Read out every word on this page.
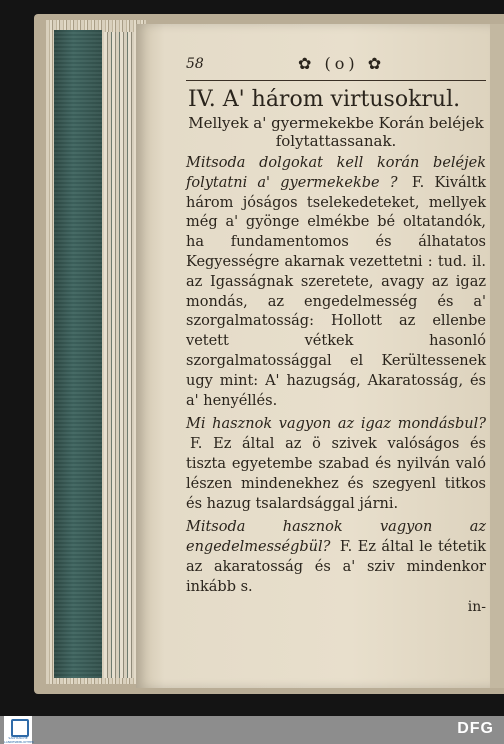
58	✿ (o) ✿
IV. A' három virtusokrul.
Mellyek a' gyermekekbe Korán beléjek folytattassanak.

Mitsoda dolgokat kell korán beléjek folytatni a' gyermekekbe ? F. Kiváltk három jóságos tselekedeteket, mellyek még a' gyönge elmékbe bé oltatandók, ha fundamentomos és álhatatos Kegyességre akarnak vezettetni : tud. il. az Igasságnak szeretete, avagy az igaz mondás, az engedelmesség és a' szorgalmatosság: Hollott az ellenbe vetett vétkek hasonló szorgalmatossággal el Kerültessenek ugy mint: A' hazugság, Akaratosság, és a' henyéllés.

Mi hasznok vagyon az igaz mondásbul? F. Ez által az ö szivek valóságos és tiszta egyetembe szabad és nyilván való lészen mindenekhez és szegyenl titkos és hazug tsalardsággal járni.

Mitsoda hasznok vagyon az engedelmességbül? F. Ez által le tétetik az akaratosság és a' sziv mindenkor inkább s.

in-
SÄCHSISCHE LANDESBIBLIOTHEK
DFG
